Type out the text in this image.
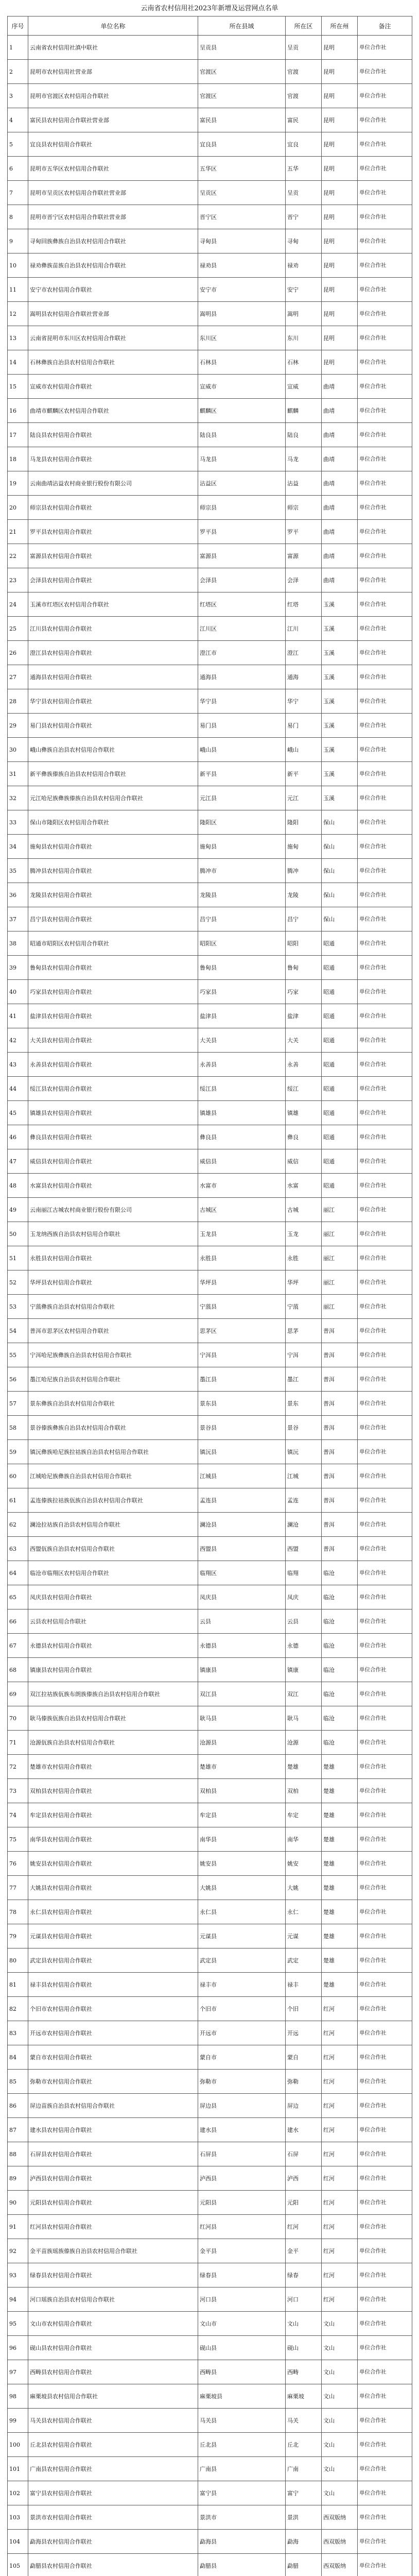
云南省农村信用社2023年新增及运营网点名单
序号	单位名称	所在县域	所在区	所在州	备注
1	云南省农村信用社滇中联社	呈贡县	呈贡	昆明	单位合作社
2	昆明市农村信用社营业部	官渡区	官渡	昆明	单位合作社
3	昆明市官渡区农村信用合作联社	官渡区	官渡	昆明	单位合作社
4	富民县农村信用合作联社营业部	富民县	富民	昆明	单位合作社
5	宜良县农村信用合作联社	宜良县	宜良	昆明	单位合作社
6	昆明市五华区农村信用合作联社	五华区	五华	昆明	单位合作社
7	昆明市呈贡区农村信用合作联社营业部	呈贡区	呈贡	昆明	单位合作社
8	昆明市晋宁区农村信用合作联社营业部	晋宁区	晋宁	昆明	单位合作社
9	寻甸回族彝族自治县农村信用合作联社	寻甸县	寻甸	昆明	单位合作社
10	禄劝彝族苗族自治县农村信用合作联社	禄劝县	禄劝	昆明	单位合作社
11	安宁市农村信用合作联社	安宁市	安宁	昆明	单位合作社
12	嵩明县农村信用合作联社营业部	嵩明县	嵩明	昆明	单位合作社
13	云南省昆明市东川区农村信用合作联社	东川区	东川	昆明	单位合作社
14	石林彝族自治县农村信用合作联社	石林县	石林	昆明	单位合作社
15	宣威市农村信用合作联社	宣威市	宣威	曲靖	单位合作社
16	曲靖市麒麟区农村信用合作联社	麒麟区	麒麟	曲靖	单位合作社
17	陆良县农村信用合作联社	陆良县	陆良	曲靖	单位合作社
18	马龙县农村信用合作联社	马龙县	马龙	曲靖	单位合作社
19	云南曲靖沾益农村商业银行股份有限公司	沾益区	沾益	曲靖	单位合作社
20	师宗县农村信用合作联社	师宗县	师宗	曲靖	单位合作社
21	罗平县农村信用合作联社	罗平县	罗平	曲靖	单位合作社
22	富源县农村信用合作联社	富源县	富源	曲靖	单位合作社
23	会泽县农村信用合作联社	会泽县	会泽	曲靖	单位合作社
24	玉溪市红塔区农村信用合作联社	红塔区	红塔	玉溪	单位合作社
25	江川县农村信用合作联社	江川区	江川	玉溪	单位合作社
26	澄江县农村信用合作联社	澄江市	澄江	玉溪	单位合作社
27	通海县农村信用合作联社	通海县	通海	玉溪	单位合作社
28	华宁县农村信用合作联社	华宁县	华宁	玉溪	单位合作社
29	易门县农村信用合作联社	易门县	易门	玉溪	单位合作社
30	峨山彝族自治县农村信用合作联社	峨山县	峨山	玉溪	单位合作社
31	新平彝族傣族自治县农村信用合作联社	新平县	新平	玉溪	单位合作社
32	元江哈尼族彝族傣族自治县农村信用合作联社	元江县	元江	玉溪	单位合作社
33	保山市隆阳区农村信用合作联社	隆阳区	隆阳	保山	单位合作社
34	施甸县农村信用合作联社	施甸县	施甸	保山	单位合作社
35	腾冲县农村信用合作联社	腾冲市	腾冲	保山	单位合作社
36	龙陵县农村信用合作联社	龙陵县	龙陵	保山	单位合作社
37	昌宁县农村信用合作联社	昌宁县	昌宁	保山	单位合作社
38	昭通市昭阳区农村信用合作联社	昭阳区	昭阳	昭通	单位合作社
39	鲁甸县农村信用合作联社	鲁甸县	鲁甸	昭通	单位合作社
40	巧家县农村信用合作联社	巧家县	巧家	昭通	单位合作社
41	盐津县农村信用合作联社	盐津县	盐津	昭通	单位合作社
42	大关县农村信用合作联社	大关县	大关	昭通	单位合作社
43	永善县农村信用合作联社	永善县	永善	昭通	单位合作社
44	绥江县农村信用合作联社	绥江县	绥江	昭通	单位合作社
45	镇雄县农村信用合作联社	镇雄县	镇雄	昭通	单位合作社
46	彝良县农村信用合作联社	彝良县	彝良	昭通	单位合作社
47	威信县农村信用合作联社	威信县	威信	昭通	单位合作社
48	水富县农村信用合作联社	水富市	水富	昭通	单位合作社
49	云南丽江古城农村商业银行股份有限公司	古城区	古城	丽江	单位合作社
50	玉龙纳西族自治县农村信用合作联社	玉龙县	玉龙	丽江	单位合作社
51	永胜县农村信用合作联社	永胜县	永胜	丽江	单位合作社
52	华坪县农村信用合作联社	华坪县	华坪	丽江	单位合作社
53	宁蒗彝族自治县农村信用合作联社	宁蒗县	宁蒗	丽江	单位合作社
54	普洱市思茅区农村信用合作联社	思茅区	思茅	普洱	单位合作社
55	宁洱哈尼族彝族自治县农村信用合作联社	宁洱县	宁洱	普洱	单位合作社
56	墨江哈尼族自治县农村信用合作联社	墨江县	墨江	普洱	单位合作社
57	景东彝族自治县农村信用合作联社	景东县	景东	普洱	单位合作社
58	景谷傣族彝族自治县农村信用合作联社	景谷县	景谷	普洱	单位合作社
59	镇沅彝族哈尼族拉祜族自治县农村信用合作联社	镇沅县	镇沅	普洱	单位合作社
60	江城哈尼族彝族自治县农村信用合作联社	江城县	江城	普洱	单位合作社
61	孟连傣族拉祜族佤族自治县农村信用合作联社	孟连县	孟连	普洱	单位合作社
62	澜沧拉祜族自治县农村信用合作联社	澜沧县	澜沧	普洱	单位合作社
63	西盟佤族自治县农村信用合作联社	西盟县	西盟	普洱	单位合作社
64	临沧市临翔区农村信用合作联社	临翔区	临翔	临沧	单位合作社
65	凤庆县农村信用合作联社	凤庆县	凤庆	临沧	单位合作社
66	云县农村信用合作联社	云县	云县	临沧	单位合作社
67	永德县农村信用合作联社	永德县	永德	临沧	单位合作社
68	镇康县农村信用合作联社	镇康县	镇康	临沧	单位合作社
69	双江拉祜族佤族布朗族傣族自治县农村信用合作联社	双江县	双江	临沧	单位合作社
70	耿马傣族佤族自治县农村信用合作联社	耿马县	耿马	临沧	单位合作社
71	沧源佤族自治县农村信用合作联社	沧源县	沧源	临沧	单位合作社
72	楚雄市农村信用合作联社	楚雄市	楚雄	楚雄	单位合作社
73	双柏县农村信用合作联社	双柏县	双柏	楚雄	单位合作社
74	牟定县农村信用合作联社	牟定县	牟定	楚雄	单位合作社
75	南华县农村信用合作联社	南华县	南华	楚雄	单位合作社
76	姚安县农村信用合作联社	姚安县	姚安	楚雄	单位合作社
77	大姚县农村信用合作联社	大姚县	大姚	楚雄	单位合作社
78	永仁县农村信用合作联社	永仁县	永仁	楚雄	单位合作社
79	元谋县农村信用合作联社	元谋县	元谋	楚雄	单位合作社
80	武定县农村信用合作联社	武定县	武定	楚雄	单位合作社
81	禄丰县农村信用合作联社	禄丰市	禄丰	楚雄	单位合作社
82	个旧市农村信用合作联社	个旧市	个旧	红河	单位合作社
83	开远市农村信用合作联社	开远市	开远	红河	单位合作社
84	蒙自市农村信用合作联社	蒙自市	蒙自	红河	单位合作社
85	弥勒市农村信用合作联社	弥勒市	弥勒	红河	单位合作社
86	屏边苗族自治县农村信用合作联社	屏边县	屏边	红河	单位合作社
87	建水县农村信用合作联社	建水县	建水	红河	单位合作社
88	石屏县农村信用合作联社	石屏县	石屏	红河	单位合作社
89	泸西县农村信用合作联社	泸西县	泸西	红河	单位合作社
90	元阳县农村信用合作联社	元阳县	元阳	红河	单位合作社
91	红河县农村信用合作联社	红河县	红河	红河	单位合作社
92	金平苗族瑶族傣族自治县农村信用合作联社	金平县	金平	红河	单位合作社
93	绿春县农村信用合作联社	绿春县	绿春	红河	单位合作社
94	河口瑶族自治县农村信用合作联社	河口县	河口	红河	单位合作社
95	文山市农村信用合作联社	文山市	文山	文山	单位合作社
96	砚山县农村信用合作联社	砚山县	砚山	文山	单位合作社
97	西畴县农村信用合作联社	西畴县	西畴	文山	单位合作社
98	麻栗坡县农村信用合作联社	麻栗坡县	麻栗坡	文山	单位合作社
99	马关县农村信用合作联社	马关县	马关	文山	单位合作社
100	丘北县农村信用合作联社	丘北县	丘北	文山	单位合作社
101	广南县农村信用合作联社	广南县	广南	文山	单位合作社
102	富宁县农村信用合作联社	富宁县	富宁	文山	单位合作社
103	景洪市农村信用合作联社	景洪市	景洪	西双版纳	单位合作社
104	勐海县农村信用合作联社	勐海县	勐海	西双版纳	单位合作社
105	勐腊县农村信用合作联社	勐腊县	勐腊	西双版纳	单位合作社
